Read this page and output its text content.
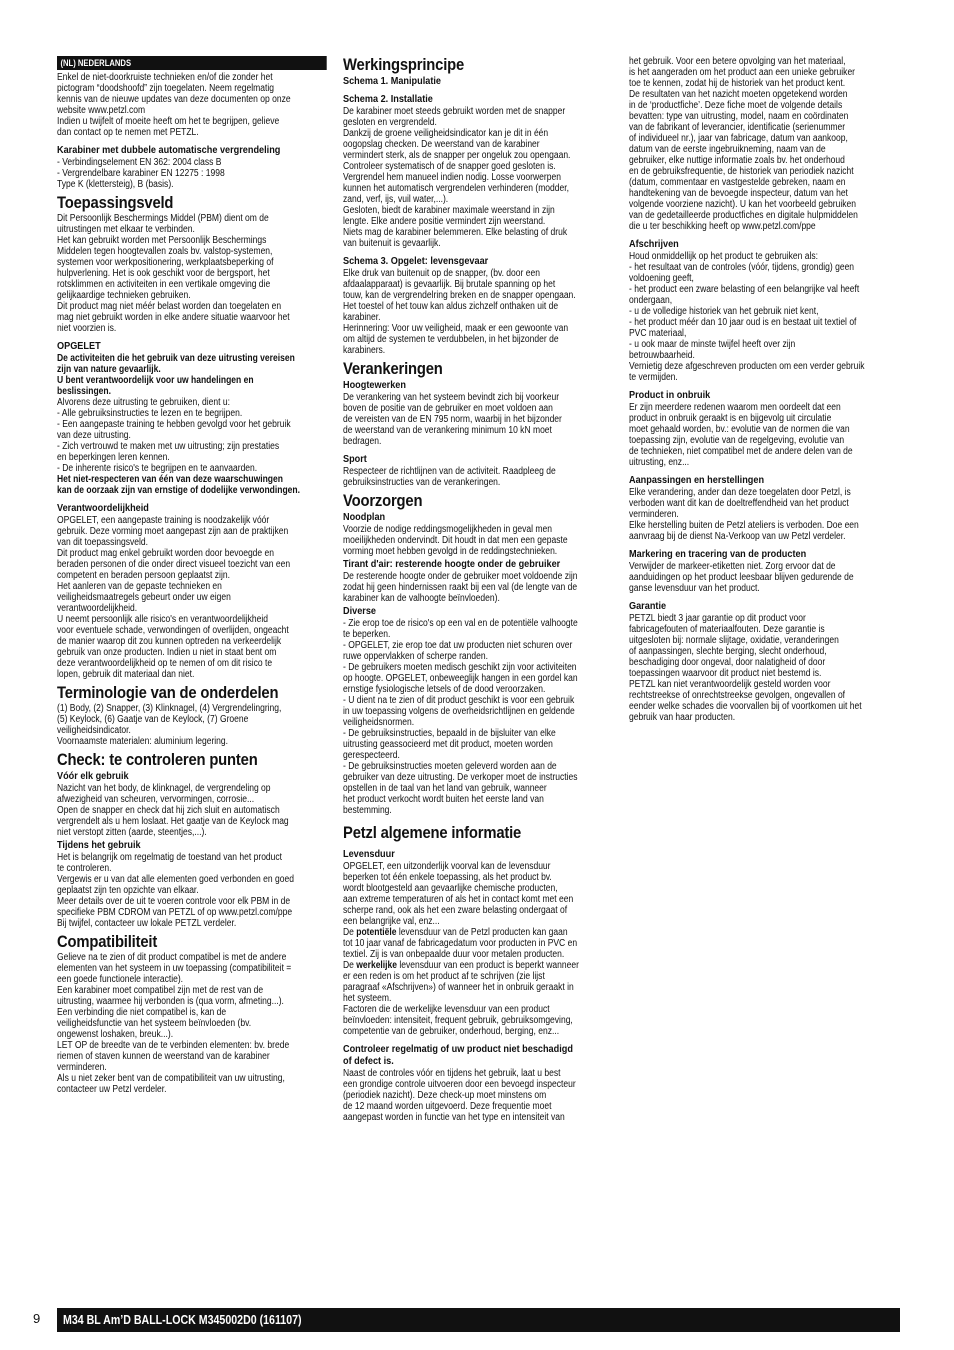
(NL) NEDERLANDS

Enkel de niet-doorkruiste technieken en/of die zonder het
pictogram “doodshoofd” zijn toegelaten. Neem regelmatig
kennis van de nieuwe updates van deze documenten op onze
website www.petzl.com
Indien u twijfelt of moeite heeft om het te begrijpen, gelieve
dan contact op te nemen met PETZL.

Karabiner met dubbele automatische vergrendeling

- Verbindingselement EN 362: 2004 class B
- Vergrendelbare karabiner EN 12275 : 1998
Type K (klettersteig), B (basis).

Toepassingsveld

Dit Persoonlijk Beschermings Middel (PBM) dient om de
uitrustingen met elkaar te verbinden.
Het kan gebruikt worden met Persoonlijk Beschermings
Middelen tegen hoogtevallen zoals bv. valstop-systemen,
systemen voor werkpositionering, werkplaatsbeperking of
hulpverlening. Het is ook geschikt voor de bergsport, het
rotsklimmen en activiteiten in een vertikale omgeving die
gelijkaardige technieken gebruiken.
Dit product mag niet méér belast worden dan toegelaten en
mag niet gebruikt worden in elke andere situatie waarvoor het
niet voorzien is.

OPGELET

De activiteiten die het gebruik van deze uitrusting vereisen
zijn van nature gevaarlijk.
U bent verantwoordelijk voor uw handelingen en
beslissingen.

Alvorens deze uitrusting te gebruiken, dient u:
- Alle gebruiksinstructies te lezen en te begrijpen.
- Een aangepaste training te hebben gevolgd voor het gebruik
van deze uitrusting.
- Zich vertrouwd te maken met uw uitrusting; zijn prestaties
en beperkingen leren kennen.
- De inherente risico's te begrijpen en te aanvaarden.

Het niet-respecteren van één van deze waarschuwingen
kan de oorzaak zijn van ernstige of dodelijke verwondingen.

Verantwoordelijkheid

OPGELET, een aangepaste training is noodzakelijk vóór
gebruik. Deze vorming moet aangepast zijn aan de praktijken
van dit toepassingsveld.
Dit product mag enkel gebruikt worden door bevoegde en
beraden personen of die onder direct visueel toezicht van een
competent en beraden persoon geplaatst zijn.
Het aanleren van de gepaste technieken en
veiligheidsmaatregels gebeurt onder uw eigen
verantwoordelijkheid.
U neemt persoonlijk alle risico's en verantwoordelijkheid
voor eventuele schade, verwondingen of overlijden, ongeacht
de manier waarop dit zou kunnen optreden na verkeerdelijk
gebruik van onze producten. Indien u niet in staat bent om
deze verantwoordelijkheid op te nemen of om dit risico te
lopen, gebruik dit materiaal dan niet.

Terminologie van de onderdelen

(1) Body, (2) Snapper, (3) Klinknagel, (4) Vergrendelingring,
(5) Keylock, (6) Gaatje van de Keylock, (7) Groene
veiligheidsindicator.
Voornaamste materialen: aluminium legering.

Check: te controleren punten
Vóór elk gebruik

Nazicht van het body, de klinknagel, de vergrendeling op
afwezigheid van scheuren, vervormingen, corrosie...
Open de snapper en check dat hij zich sluit en automatisch
vergrendelt als u hem loslaat. Het gaatje van de Keylock mag
niet verstopt zitten (aarde, steentjes,...).

Tijdens het gebruik

Het is belangrijk om regelmatig de toestand van het product
te controleren.
Vergewis er u van dat alle elementen goed verbonden en goed
geplaatst zijn ten opzichte van elkaar.
Meer details over de uit te voeren controle voor elk PBM in de
specifieke PBM CDROM van PETZL of op www.petzl.com/ppe
Bij twijfel, contacteer uw lokale PETZL verdeler.

Compatibiliteit

Gelieve na te zien of dit product compatibel is met de andere
elementen van het systeem in uw toepassing (compatibiliteit =
een goede functionele interactie).
Een karabiner moet compatibel zijn met de rest van de
uitrusting, waarmee hij verbonden is (qua vorm, afmeting...).
Een verbinding die niet compatibel is, kan de
veiligheidsfunctie van het systeem beïnvloeden (bv.
ongewenst loshaken, breuk...).
LET OP de breedte van de te verbinden elementen: bv. brede
riemen of staven kunnen de weerstand van de karabiner
verminderen.
Als u niet zeker bent van de compatibiliteit van uw uitrusting,
contacteer uw Petzl verdeler.

Werkingsprincipe
Schema 1. Manipulatie
Schema 2. Installatie

De karabiner moet steeds gebruikt worden met de snapper
gesloten en vergrendeld.
Dankzij de groene veiligheidsindicator kan je dit in één
oogopslag checken. De weerstand van de karabiner
vermindert sterk, als de snapper per ongeluk zou opengaan.
Controleer systematisch of de snapper goed gesloten is.
Vergrendel hem manueel indien nodig. Losse voorwerpen
kunnen het automatisch vergrendelen verhinderen (modder,
zand, verf, ijs, vuil water,...).
Gesloten, biedt de karabiner maximale weerstand in zijn
lengte. Elke andere positie vermindert zijn weerstand.
Niets mag de karabiner belemmeren. Elke belasting of druk
van buitenuit is gevaarlijk.

Schema 3. Opgelet: levensgevaar

Elke druk van buitenuit op de snapper, (bv. door een
afdaalapparaat) is gevaarlijk. Bij brutale spanning op het
touw, kan de vergrendelring breken en de snapper opengaan.
Het toestel of het touw kan aldus zichzelf onthaken uit de
karabiner.
Herinnering: Voor uw veiligheid, maak er een gewoonte van
om altijd de systemen te verdubbelen, in het bijzonder de
karabiners.

Verankeringen
Hoogtewerken

De verankering van het systeem bevindt zich bij voorkeur
boven de positie van de gebruiker en moet voldoen aan
de vereisten van de EN 795 norm, waarbij in het bijzonder
de weerstand van de verankering minimum 10 kN moet
bedragen.

Sport

Respecteer de richtlijnen van de activiteit. Raadpleeg de
gebruiksinstructies van de verankeringen.

Voorzorgen
Noodplan

Voorzie de nodige reddingsmogelijkheden in geval men
moeilijkheden ondervindt. Dit houdt in dat men een gepaste
vorming moet hebben gevolgd in de reddingstechnieken.

Tirant d'air: resterende hoogte onder de gebruiker

De resterende hoogte onder de gebruiker moet voldoende zijn
zodat hij geen hindernissen raakt bij een val (de lengte van de
karabiner kan de valhoogte beïnvloeden).

Diverse

- Zie erop toe de risico's op een val en de potentiële valhoogte
te beperken.
- OPGELET, zie erop toe dat uw producten niet schuren over
ruwe oppervlakken of scherpe randen.
- De gebruikers moeten medisch geschikt zijn voor activiteiten
op hoogte. OPGELET, onbeweeglijk hangen in een gordel kan
ernstige fysiologische letsels of de dood veroorzaken.
- U dient na te zien of dit product geschikt is voor een gebruik
in uw toepassing volgens de overheidsrichtlijnen en geldende
veiligheidsnormen.
- De gebruiksinstructies, bepaald in de bijsluiter van elke
uitrusting geassocieerd met dit product, moeten worden
gerespecteerd.
- De gebruiksinstructies moeten geleverd worden aan de
gebruiker van deze uitrusting. De verkoper moet de instructies
opstellen in de taal van het land van gebruik, wanneer
het product verkocht wordt buiten het eerste land van
bestemming.

Petzl algemene informatie
Levensduur

OPGELET, een uitzonderlijk voorval kan de levensduur
beperken tot één enkele toepassing, als het product bv.
wordt blootgesteld aan gevaarlijke chemische producten,
aan extreme temperaturen of als het in contact komt met een
scherpe rand, ook als het een zware belasting ondergaat of
een belangrijke val, enz...

De potentiële levensduur van de Petzl producten kan gaan
tot 10 jaar vanaf de fabricagedatum voor producten in PVC en
textiel. Zij is van onbepaalde duur voor metalen producten.

De werkelijke levensduur van een product is beperkt wanneer
er een reden is om het product af te schrijven (zie lijst
paragraaf «Afschrijven») of wanneer het in onbruik geraakt in
het systeem.
Factoren die de werkelijke levensduur van een product
beïnvloeden: intensiteit, frequent gebruik, gebruiksomgeving,
competentie van de gebruiker, onderhoud, berging, enz...

Controleer regelmatig of uw product niet beschadigd
of defect is.

Naast de controles vóór en tijdens het gebruik, laat u best
een grondige controle uitvoeren door een bevoegd inspecteur
(periodiek nazicht). Deze check-up moet minstens om
de 12 maand worden uitgevoerd. Deze frequentie moet
aangepast worden in functie van het type en intensiteit van

het gebruik. Voor een betere opvolging van het materiaal,
is het aangeraden om het product aan een unieke gebruiker
toe te kennen, zodat hij de historiek van het product kent.
De resultaten van het nazicht moeten opgetekend worden
in de ‘productfiche’. Deze fiche moet de volgende details
bevatten: type van uitrusting, model, naam en coördinaten
van de fabrikant of leverancier, identificatie (serienummer
of individueel nr.), jaar van fabricage, datum van aankoop,
datum van de eerste ingebruikneming, naam van de
gebruiker, elke nuttige informatie zoals bv. het onderhoud
en de gebruiksfrequentie, de historiek van periodiek nazicht
(datum, commentaar en vastgestelde gebreken, naam en
handtekening van de bevoegde inspecteur, datum van het
volgende voorziene nazicht). U kan het voorbeeld gebruiken
van de gedetailleerde productfiches en digitale hulpmiddelen
die u ter beschikking heeft op www.petzl.com/ppe

Afschrijven

Houd onmiddellijk op het product te gebruiken als:
- het resultaat van de controles (vóór, tijdens, grondig) geen
voldoening geeft,
- het product een zware belasting of een belangrijke val heeft
ondergaan,
- u de volledige historiek van het gebruik niet kent,
- het product méér dan 10 jaar oud is en bestaat uit textiel of
PVC materiaal,
- u ook maar de minste twijfel heeft over zijn
betrouwbaarheid.
Vernietig deze afgeschreven producten om een verder gebruik
te vermijden.

Product in onbruik

Er zijn meerdere redenen waarom men oordeelt dat een
product in onbruik geraakt is en bijgevolg uit circulatie
moet gehaald worden, bv.: evolutie van de normen die van
toepassing zijn, evolutie van de regelgeving, evolutie van
de technieken, niet compatibel met de andere delen van de
uitrusting, enz...

Aanpassingen en herstellingen

Elke verandering, ander dan deze toegelaten door Petzl, is
verboden want dit kan de doeltreffendheid van het product
verminderen.
Elke herstelling buiten de Petzl ateliers is verboden. Doe een
aanvraag bij de dienst Na-Verkoop van uw Petzl verdeler.

Markering en tracering van de producten

Verwijder de markeer-etiketten niet. Zorg ervoor dat de
aanduidingen op het product leesbaar blijven gedurende de
ganse levensduur van het product.

Garantie

PETZL biedt 3 jaar garantie op dit product voor
fabricagefouten of materiaalfouten. Deze garantie is
uitgesloten bij: normale slijtage, oxidatie, veranderingen
of aanpassingen, slechte berging, slecht onderhoud,
beschadiging door ongeval, door nalatigheid of door
toepassingen waarvoor dit product niet bestemd is.
PETZL kan niet verantwoordelijk gesteld worden voor
rechtstreekse of onrechtstreekse gevolgen, ongevallen of
eender welke schades die voorvallen bij of voortkomen uit het
gebruik van haar producten.

9 M34 BL Am’D BALL-LOCK M345002D0 (161107)
